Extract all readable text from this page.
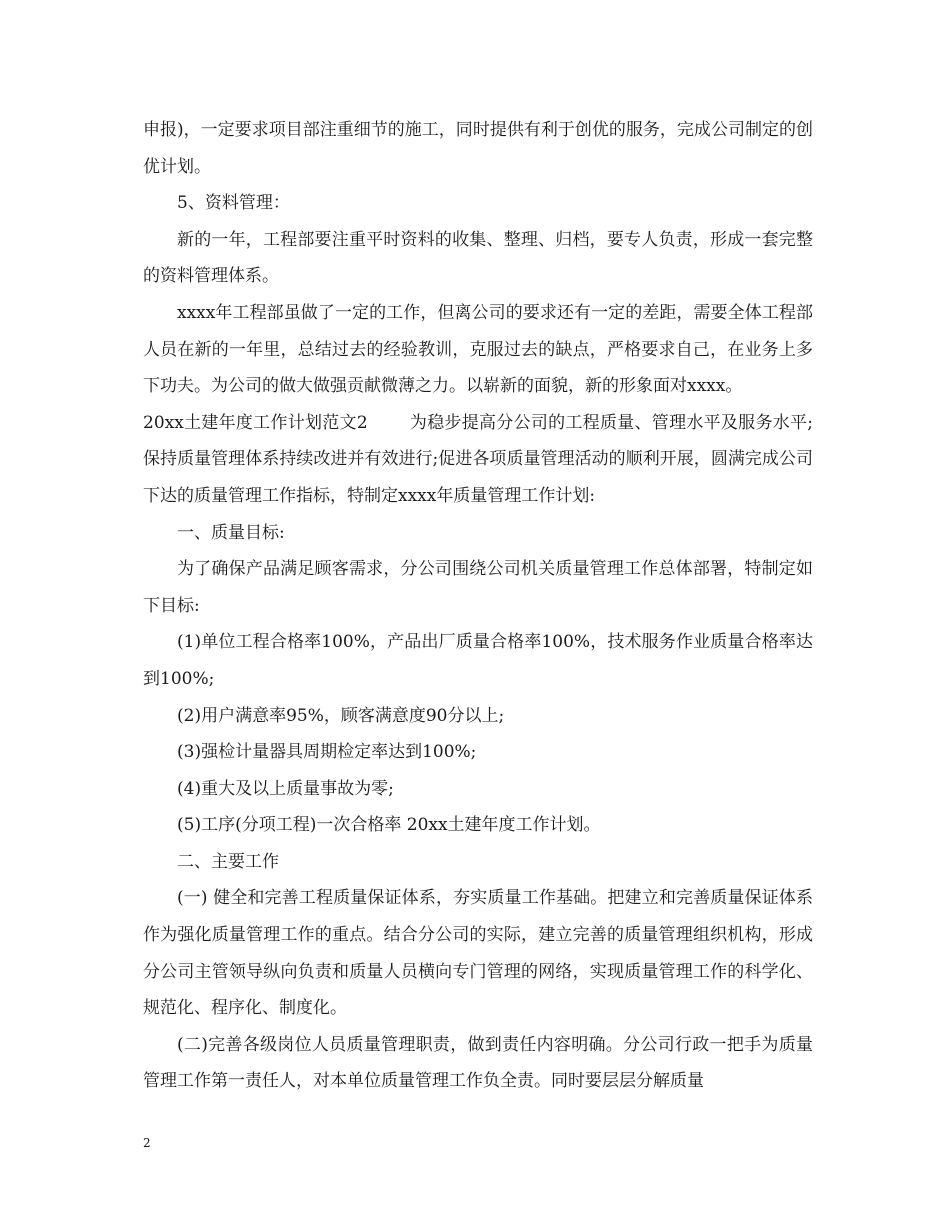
申报)，一定要求项目部注重细节的施工，同时提供有利于创优的服务，完成公司制定的创优计划。

5、资料管理：

新的一年，工程部要注重平时资料的收集、整理、归档，要专人负责，形成一套完整的资料管理体系。

xxxx年工程部虽做了一定的工作，但离公司的要求还有一定的差距，需要全体工程部人员在新的一年里，总结过去的经验教训，克服过去的缺点，严格要求自己，在业务上多下功夫。为公司的做大做强贡献微薄之力。以崭新的面貌，新的形象面对xxxx。

20xx土建年度工作计划范文2 为稳步提高分公司的工程质量、管理水平及服务水平;保持质量管理体系持续改进并有效进行;促进各项质量管理活动的顺利开展，圆满完成公司下达的质量管理工作指标，特制定xxxx年质量管理工作计划:

一、质量目标:

为了确保产品满足顾客需求，分公司围绕公司机关质量管理工作总体部署，特制定如下目标:

(1)单位工程合格率100%，产品出厂质量合格率100%，技术服务作业质量合格率达到100%;

(2)用户满意率95%，顾客满意度90分以上;

(3)强检计量器具周期检定率达到100%;

(4)重大及以上质量事故为零;

(5)工序(分项工程)一次合格率 20xx土建年度工作计划。

二、主要工作

(一) 健全和完善工程质量保证体系，夯实质量工作基础。把建立和完善质量保证体系作为强化质量管理工作的重点。结合分公司的实际，建立完善的质量管理组织机构，形成分公司主管领导纵向负责和质量人员横向专门管理的网络，实现质量管理工作的科学化、规范化、程序化、制度化。

(二)完善各级岗位人员质量管理职责，做到责任内容明确。分公司行政一把手为质量管理工作第一责任人，对本单位质量管理工作负全责。同时要层层分解质量

2
